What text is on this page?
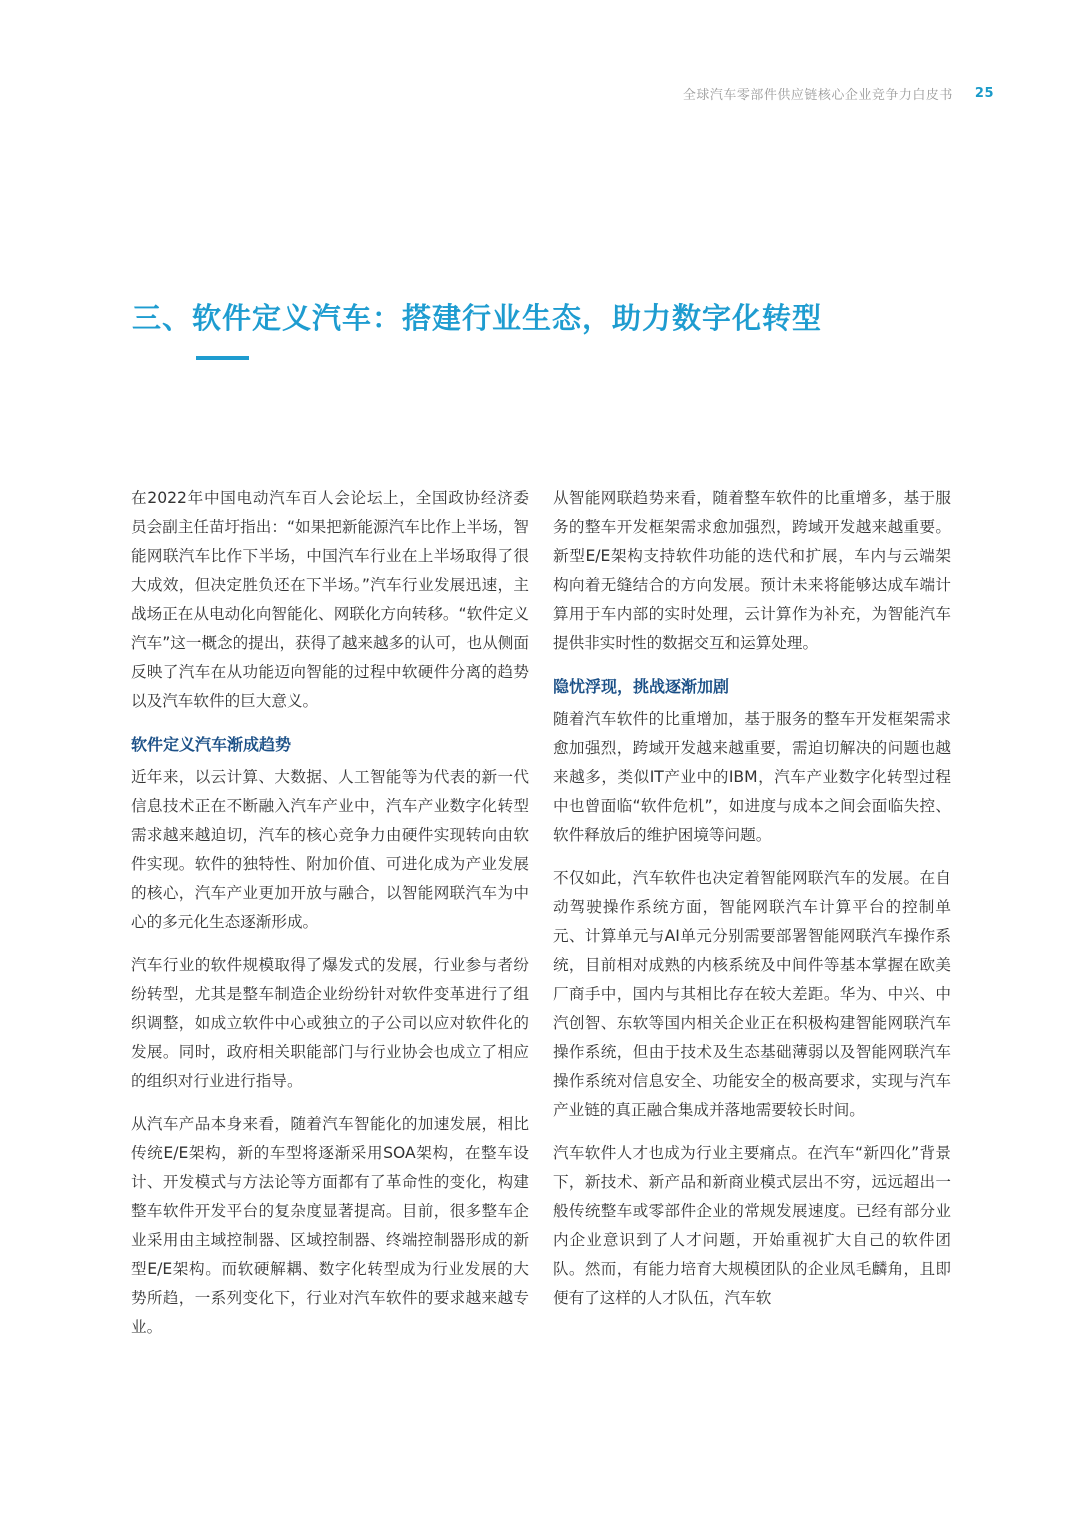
全球汽车零部件供应链核心企业竞争力白皮书 25
三、软件定义汽车：搭建行业生态，助力数字化转型

在2022年中国电动汽车百人会论坛上，全国政协经济委员会副主任苗圩指出：“如果把新能源汽车比作上半场，智能网联汽车比作下半场，中国汽车行业在上半场取得了很大成效，但决定胜负还在下半场。”汽车行业发展迅速，主战场正在从电动化向智能化、网联化方向转移。“软件定义汽车”这一概念的提出，获得了越来越多的认可，也从侧面反映了汽车在从功能迈向智能的过程中软硬件分离的趋势以及汽车软件的巨大意义。

软件定义汽车渐成趋势

近年来，以云计算、大数据、人工智能等为代表的新一代信息技术正在不断融入汽车产业中，汽车产业数字化转型需求越来越迫切，汽车的核心竞争力由硬件实现转向由软件实现。软件的独特性、附加价值、可进化成为产业发展的核心，汽车产业更加开放与融合，以智能网联汽车为中心的多元化生态逐渐形成。

汽车行业的软件规模取得了爆发式的发展，行业参与者纷纷转型，尤其是整车制造企业纷纷针对软件变革进行了组织调整，如成立软件中心或独立的子公司以应对软件化的发展。同时，政府相关职能部门与行业协会也成立了相应的组织对行业进行指导。

从汽车产品本身来看，随着汽车智能化的加速发展，相比传统E/E架构，新的车型将逐渐采用SOA架构，在整车设计、开发模式与方法论等方面都有了革命性的变化，构建整车软件开发平台的复杂度显著提高。目前，很多整车企业采用由主域控制器、区域控制器、终端控制器形成的新型E/E架构。而软硬解耦、数字化转型成为行业发展的大势所趋，一系列变化下，行业对汽车软件的要求越来越专业。

从智能网联趋势来看，随着整车软件的比重增多，基于服务的整车开发框架需求愈加强烈，跨域开发越来越重要。新型E/E架构支持软件功能的迭代和扩展，车内与云端架构向着无缝结合的方向发展。预计未来将能够达成车端计算用于车内部的实时处理，云计算作为补充，为智能汽车提供非实时性的数据交互和运算处理。

隐忧浮现，挑战逐渐加剧

随着汽车软件的比重增加，基于服务的整车开发框架需求愈加强烈，跨域开发越来越重要，需迫切解决的问题也越来越多，类似IT产业中的IBM，汽车产业数字化转型过程中也曾面临“软件危机”，如进度与成本之间会面临失控、软件释放后的维护困境等问题。

不仅如此，汽车软件也决定着智能网联汽车的发展。在自动驾驶操作系统方面，智能网联汽车计算平台的控制单元、计算单元与AI单元分别需要部署智能网联汽车操作系统，目前相对成熟的内核系统及中间件等基本掌握在欧美厂商手中，国内与其相比存在较大差距。华为、中兴、中汽创智、东软等国内相关企业正在积极构建智能网联汽车操作系统，但由于技术及生态基础薄弱以及智能网联汽车操作系统对信息安全、功能安全的极高要求，实现与汽车产业链的真正融合集成并落地需要较长时间。

汽车软件人才也成为行业主要痛点。在汽车“新四化”背景下，新技术、新产品和新商业模式层出不穷，远远超出一般传统整车或零部件企业的常规发展速度。已经有部分业内企业意识到了人才问题，开始重视扩大自己的软件团队。然而，有能力培育大规模团队的企业凤毛麟角，且即便有了这样的人才队伍，汽车软
